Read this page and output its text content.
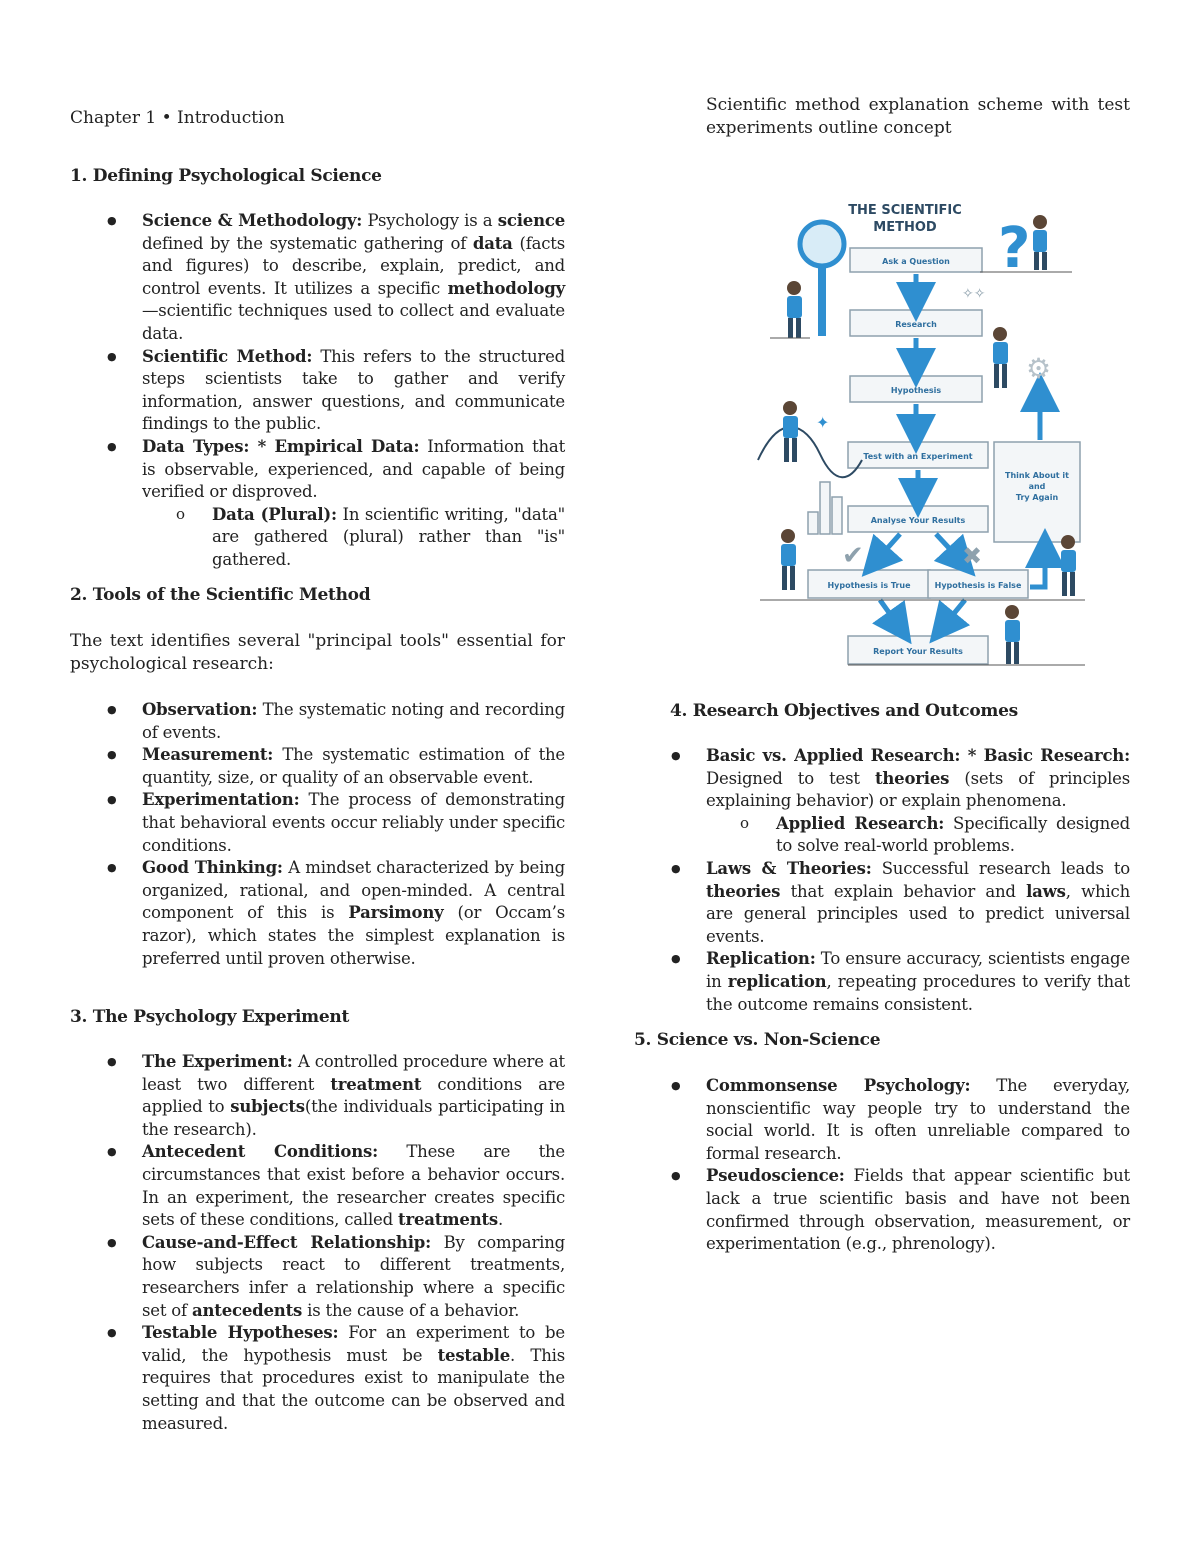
Chapter 1 • Introduction
1. Defining Psychological Science
● Science & Methodology: Psychology is a science defined by the systematic gathering of data (facts and figures) to describe, explain, predict, and control events. It utilizes a specific methodology—scientific techniques used to collect and evaluate data.
● Scientific Method: This refers to the structured steps scientists take to gather and verify information, answer questions, and communicate findings to the public.
● Data Types: * Empirical Data: Information that is observable, experienced, and capable of being verified or disproved.
o Data (Plural): In scientific writing, "data" are gathered (plural) rather than "is" gathered.
2. Tools of the Scientific Method
The text identifies several "principal tools" essential for psychological research:
● Observation: The systematic noting and recording of events.
● Measurement: The systematic estimation of the quantity, size, or quality of an observable event.
● Experimentation: The process of demonstrating that behavioral events occur reliably under specific conditions.
● Good Thinking: A mindset characterized by being organized, rational, and open-minded. A central component of this is Parsimony (or Occam’s razor), which states the simplest explanation is preferred until proven otherwise.
3. The Psychology Experiment
● The Experiment: A controlled procedure where at least two different treatment conditions are applied to subjects(the individuals participating in the research).
● Antecedent Conditions: These are the circumstances that exist before a behavior occurs. In an experiment, the researcher creates specific sets of these conditions, called treatments.
● Cause-and-Effect Relationship: By comparing how subjects react to different treatments, researchers infer a relationship where a specific set of antecedents is the cause of a behavior.
● Testable Hypotheses: For an experiment to be valid, the hypothesis must be testable. This requires that procedures exist to manipulate the setting and that the outcome can be observed and measured.
Scientific method explanation scheme with test experiments outline concept
THE SCIENTIFIC
METHOD ?
Ask a Question
Research
Hypothesis
Test with an Experiment
Analyse Your Results
Hypothesis is True	Hypothesis is False
Report Your Results
Think About it
and
Try Again
✔	✖
⚙
✧✧
✦
4. Research Objectives and Outcomes
● Basic vs. Applied Research: * Basic Research: Designed to test theories (sets of principles explaining behavior) or explain phenomena.
o Applied Research: Specifically designed to solve real-world problems.
● Laws & Theories: Successful research leads to theories that explain behavior and laws, which are general principles used to predict universal events.
● Replication: To ensure accuracy, scientists engage in replication, repeating procedures to verify that the outcome remains consistent.
5. Science vs. Non-Science
● Commonsense Psychology: The everyday, nonscientific way people try to understand the social world. It is often unreliable compared to formal research.
● Pseudoscience: Fields that appear scientific but lack a true scientific basis and have not been confirmed through observation, measurement, or experimentation (e.g., phrenology).
